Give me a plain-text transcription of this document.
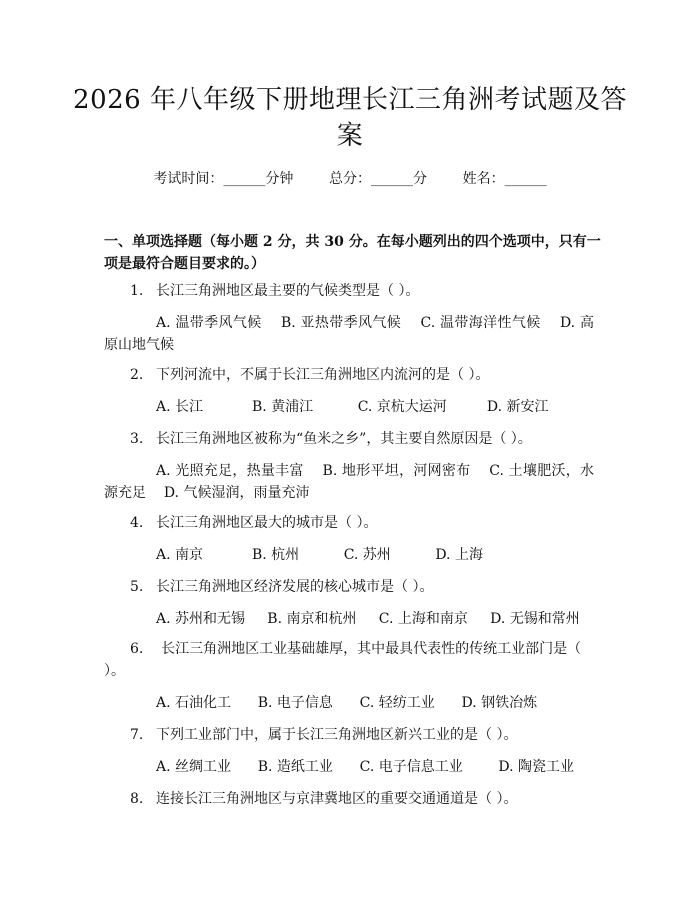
2026 年八年级下册地理长江三角洲考试题及答案
考试时间：______分钟	总分：______分	姓名：______
一、单项选择题（每小题 2 分，共 30 分。在每小题列出的四个选项中，只有一项是最符合题目要求的。）
1. 长江三角洲地区最主要的气候类型是（ ）。
A. 温带季风气候 B. 亚热带季风气候 C. 温带海洋性气候 D. 高原山地气候
2. 下列河流中，不属于长江三角洲地区内流河的是（ ）。
A. 长江	B. 黄浦江	C. 京杭大运河	D. 新安江
3. 长江三角洲地区被称为“鱼米之乡”，其主要自然原因是（ ）。
A. 光照充足，热量丰富 B. 地形平坦，河网密布 C. 土壤肥沃，水源充足 D. 气候湿润，雨量充沛
4. 长江三角洲地区最大的城市是（ ）。
A. 南京	B. 杭州	C. 苏州	D. 上海
5. 长江三角洲地区经济发展的核心城市是（ ）。
A. 苏州和无锡 B. 南京和杭州 C. 上海和南京 D. 无锡和常州
6. 长江三角洲地区工业基础雄厚，其中最具代表性的传统工业部门是（ ）。
A. 石油化工 B. 电子信息 C. 轻纺工业 D. 钢铁冶炼
7. 下列工业部门中，属于长江三角洲地区新兴工业的是（ ）。
A. 丝绸工业 B. 造纸工业 C. 电子信息工业	D. 陶瓷工业
8. 连接长江三角洲地区与京津冀地区的重要交通通道是（ ）。
